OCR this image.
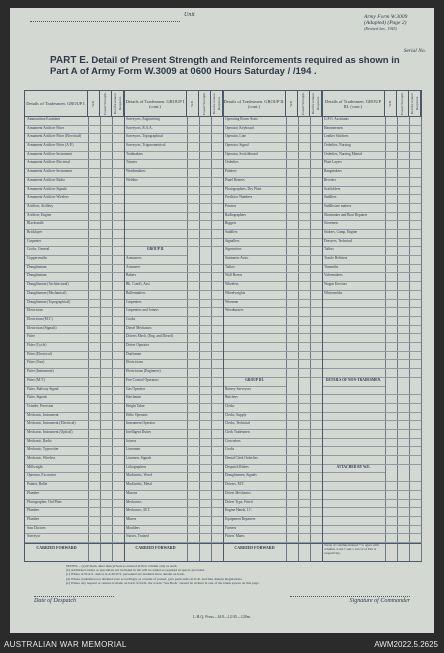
Unit	Army Form W.3009
(Adapted) (Page 2)
(Revised Jan., 1945)
Serial No.
PART E. Detail of Present Strength and Reinforcements required as shown in Part A of Army Form W.3009 at 0600 Hours Saturday / /194 .
Details of Tradesmen. GROUP I.	W.E. Posted Strength. Reinforcement Required.
Ammunition Examiner
Armament Artificer Fitter
Armament Artificer Fitter (Electrical)
Armament Artificer Fitter (A.P.)
Armament Artificer Instrument
Armament Artificer Electrical
Armament Artificer Instrument
Armament Artificer Radio
Armament Artificer Signals
Armament Artificer Wireless
Artificer, Artillery
Artificer, Engine
Blacksmith
Bricklayer
Carpenter
Cooks, General
Coppersmiths
Draughtsman
Draughtsman
Draughtsman (Architectural)
Draughtsman (Mechanical)
Draughtsman (Topographical)
Electrician
Electrician (M.T.)
Electrician (Signals)
Fitter
Fitter (Cycle)
Fitter (Electrical)
Fitter (Gun)
Fitter (Instrument)
Fitter (M.T.)
Fitter, Railway Signal
Fitter, Signals
Grinder, Precision
Mechanic, Instrument
Mechanic, Instrument (Electrical)
Mechanic, Instrument (Optical)
Mechanic, Radio
Mechanic, Typewriter
Mechanic, Wireless
Millwright
Operator, Excavator
Painter, Ballet
Plumber
Photographer, Ord Plate
Plumber
Plumber
Saw Doctors
Surveyor
CARRIED FORWARD
Details of Tradesmen. GROUP I (cont.)	W.E. Posted Strength. Reinforcement Required.
Surveyors, Engineering
Surveyors, R.A.A.
Surveyors, Topographical
Surveyors, Trigonometrical
Toolmakers
Turners
Watchmakers
Welders
GROUP II.
Armourers
Armourer
Bakers
Blt. Cond'r, Asst.
Bullermakers
Carpenters
Carpenters and Joiners
Cooks
Diesel Mechanics
Drivers Mech. (Eng. and Diesel)
Driver Operator
Draftsmen
Electricians
Electricians (Engineers)
Fire Control Operators
Gas Operator
Hatchman
Height Taker
Helio Operator
Instrument Operator
Intelligent Duties
Joiners
Linesmen
Linemen, Signals
Lithographers
Machinists, Wood
Machinists, Metal
Masons
Mechanics
Mechanics, M.T.
Miners
Moulders
Nurses, Trained
CARRIED FORWARD
Details of Tradesmen. GROUP II. (cont.)	W.E. Posted Strength. Reinforcement Required.
Operating Room Assts.
Operator, Keyboard
Operator, Line
Operator, Signal
Operator, Switchboard
Orderlies
Painters
Panel Beaters
Photographers, Dry Plate
Predictor Numbers
Printers
Radiographers
Riggers
Saddlers
Signallers
Signwriters
Stationers Assts.
Tailors
Wall Borers
Wheelers
Wheelwrights
Wiremen
Woodturners
GROUP III.
Battery Surveyors
Butchers
Clerks
Clerks, Supply
Clerks, Technical
Clerk Tradesmen
Concreters
Cooks
Dental Clerk Orderlies
Despatch Riders
Draughtsmen, Signals
Drivers, M.T.
Driver Mechanics
Driver Type, Fitted
Engine Hands, I.C.
Equipment Repairers
Farriers
Fitters' Mates
CARRIED FORWARD
Details of Tradesmen. GROUP III. (cont.)	W.E. Posted Strength. Reinforcement Required.
G.P.O. Assistants
Hammermen
Leather Stitchers
Orderlies, Nursing
Orderlies, Nursing Mental
Plate Layers
Rangetakers
Riveters
Scaffolders
Saddlers
Saddlecase makers
Shoemaker and Boot Repairer
Storemen
Stokers, Camp, Engine
Dressers, Technical
Tailors
Textile Refitters
Tinsmiths
Valvemakers
Wagon Erectors
Whitesmiths
DETAILS OF NON-TRADESMEN.
ATTACHED BY W.E.
Totals of columns marked * to agree with columns 4 and 7 and 1 and 12 of Part A respectively.
NOTES.—(a) R mark other than private is entered in first column only as such.
(b) Additional trades or specialists not included in list will be added as required in spaces provided.
(c) Where A.W.A.S. and/or A.A.M.W.S. personnel are detailed show details on back.
(d) Where tradesmen not detailed save accordingly as column of posted, give particulars in K.R. and Inst. Return Regulations.
(e) Where any request or returns is made on back of form, the words "See Back" should be written in one of the blank spaces on this page.
Date of Despatch	Signature of Commander
L.H.Q. Press—618—12/45—120m.
AUSTRALIAN WAR MEMORIAL	AWM2022.5.2625
